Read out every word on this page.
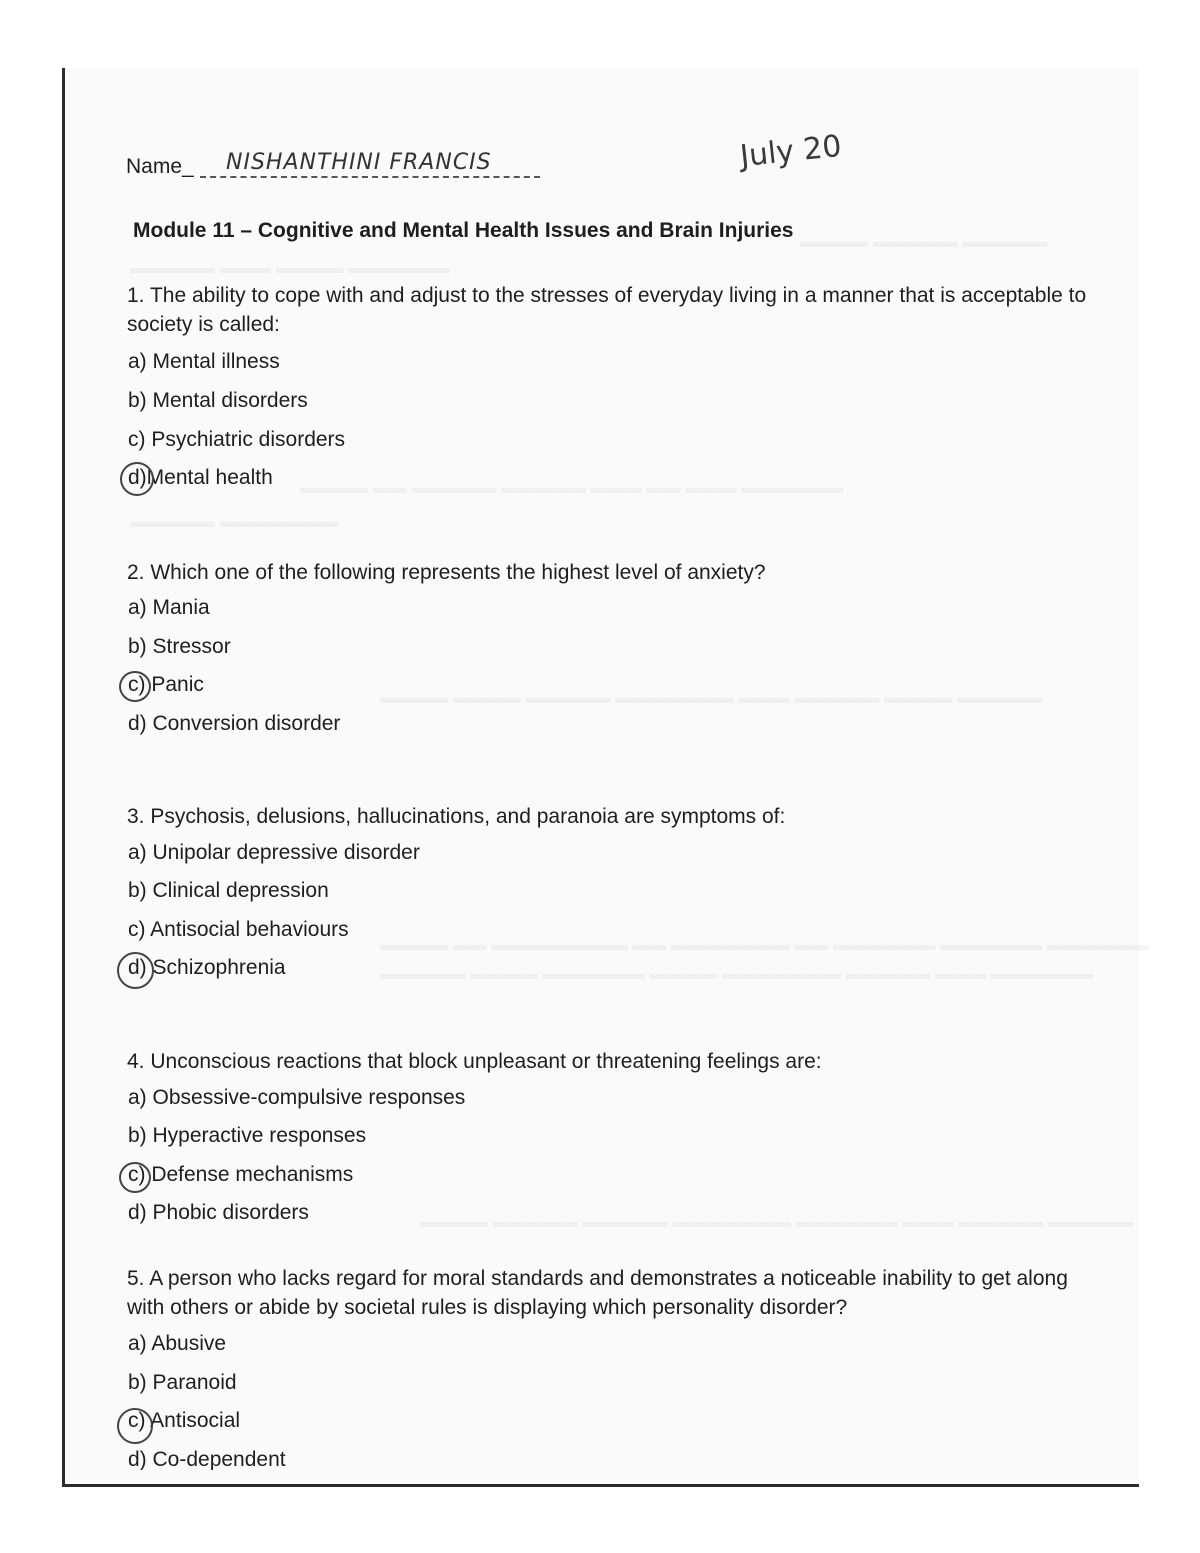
Name_ NISHANTHINI FRANCIS	July 20
Module 11 – Cognitive and Mental Health Issues and Brain Injuries
1. The ability to cope with and adjust to the stresses of everyday living in a manner that is acceptable to society is called:
a) Mental illness
b) Mental disorders
c) Psychiatric disorders
d)Mental health
2. Which one of the following represents the highest level of anxiety?
a) Mania
b) Stressor
c) Panic
d) Conversion disorder
3. Psychosis, delusions, hallucinations, and paranoia are symptoms of:
a) Unipolar depressive disorder
b) Clinical depression
c) Antisocial behaviours
d) Schizophrenia
4. Unconscious reactions that block unpleasant or threatening feelings are:
a) Obsessive-compulsive responses
b) Hyperactive responses
c) Defense mechanisms
d) Phobic disorders
5. A person who lacks regard for moral standards and demonstrates a noticeable inability to get along with others or abide by societal rules is displaying which personality disorder?
a) Abusive
b) Paranoid
c) Antisocial
d) Co-dependent
